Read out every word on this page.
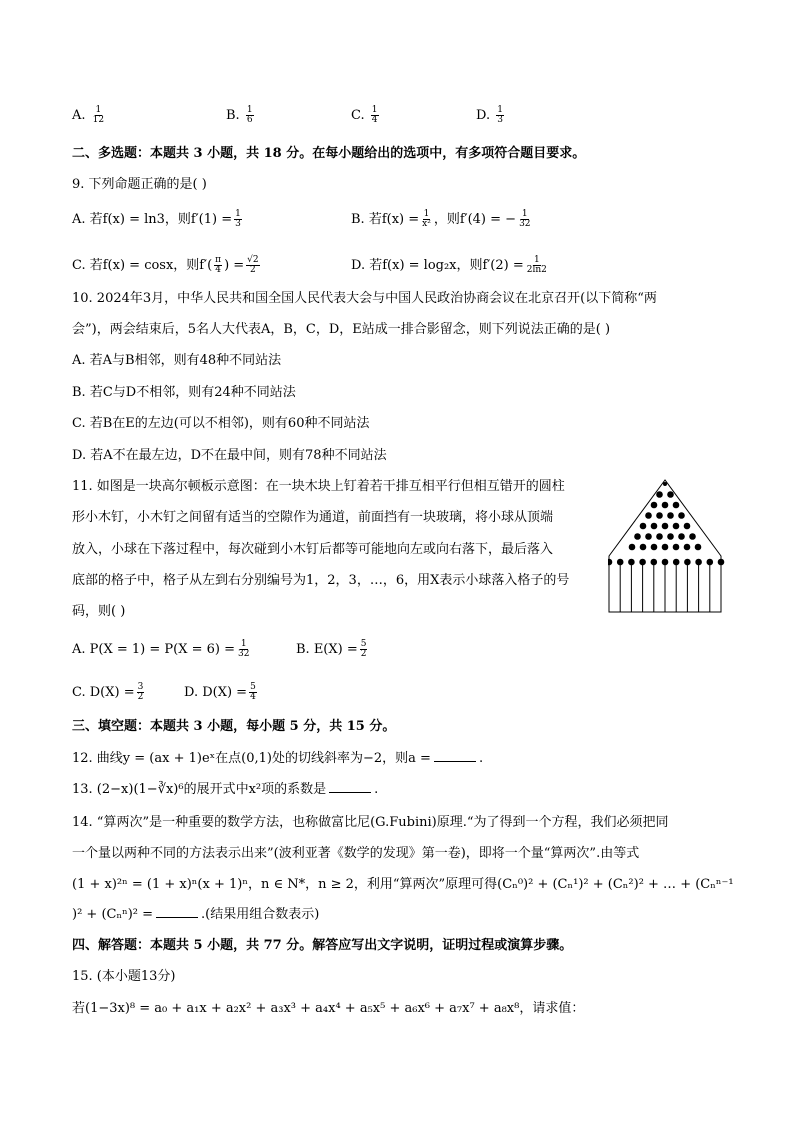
A. $\frac{1}{12}$	B. $\frac{1}{6}$	C. $\frac{1}{4}$	D. $\frac{1}{3}$
二、多选题：本题共 3 小题，共 18 分。在每小题给出的选项中，有多项符合题目要求。
9. 下列命题正确的是( )
A. 若f(x) = ln3，则$f'(1) = \frac{1}{3}$	B. 若$f(x) = \frac{1}{\text{x²}}$ ，则f′(4) = − $\frac{1}{32}$
C. 若f(x) = cosx，则$f'( \frac{\pi}{4}$ ) = $\frac{√2}{2}$	D. 若f(x) = log₂x，则$f'(2) = \frac{1}{2\ln 2}$
10. 2024年3月，中华人民共和国全国人民代表大会与中国人民政治协商会议在北京召开(以下简称“两
会”)，两会结束后，5名人大代表A，B，C，D，E站成一排合影留念，则下列说法正确的是( )
A. 若A与B相邻，则有48种不同站法
B. 若C与D不相邻，则有24种不同站法
C. 若B在E的左边(可以不相邻)，则有60种不同站法
D. 若A不在最左边，D不在最中间，则有78种不同站法
11. 如图是一块高尔顿板示意图：在一块木块上钉着若干排互相平行但相互错开的圆柱
形小木钉，小木钉之间留有适当的空隙作为通道，前面挡有一块玻璃，将小球从顶端
放入，小球在下落过程中，每次碰到小木钉后都等可能地向左或向右落下，最后落入
底部的格子中，格子从左到右分别编号为1，2，3，…，6，用X表示小球落入格子的号
码，则( )
A. $P(X = 1) = P(X = 6) = \frac{1}{32}$	B. $E(X) = \frac{5}{2}$
C. $D(X) = \frac{3}{2}$	D. $D(X) = \frac{5}{4}$
三、填空题：本题共 3 小题，每小题 5 分，共 15 分。
12. 曲线y = (ax + 1)eˣ在点(0,1)处的切线斜率为−2，则a =	.
13. (2−x)(1−∛x)⁶的展开式中x²项的系数是	.
14. “算两次”是一种重要的数学方法，也称做富比尼(G.Fubini)原理.“为了得到一个方程，我们必须把同
一个量以两种不同的方法表示出来”(波利亚著《数学的发现》第一卷)，即将一个量“算两次”.由等式
(1 + x)²ⁿ = (1 + x)ⁿ(x + 1)ⁿ，n ∈ N*，n ≥ 2，利用“算两次”原理可得(Cₙ⁰)² + (Cₙ¹)² + (Cₙ²)² + … + (Cₙⁿ⁻¹
)² + (Cₙⁿ)² =	.(结果用组合数表示)
四、解答题：本题共 5 小题，共 77 分。解答应写出文字说明，证明过程或演算步骤。
15. (本小题13分)
若(1−3x)⁸ = a₀ + a₁x + a₂x² + a₃x³ + a₄x⁴ + a₅x⁵ + a₆x⁶ + a₇x⁷ + a₈x⁸，请求值：
